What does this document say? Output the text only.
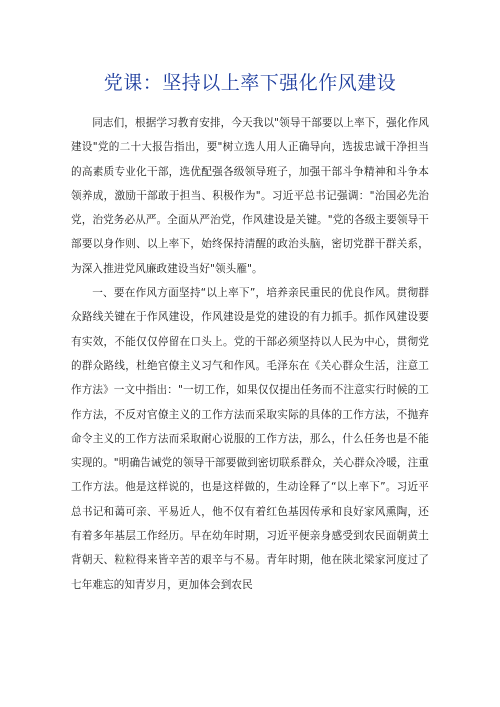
党课：坚持以上率下强化作风建设

同志们，根据学习教育安排，今天我以"领导干部要以上率下，强化作风建设"党的二十大报告指出，要"树立选人用人正确导向，选拔忠诚干净担当的高素质专业化干部，选优配强各级领导班子，加强干部斗争精神和斗争本领养成，激励干部敢于担当、积极作为"。习近平总书记强调："治国必先治党，治党务必从严。全面从严治党，作风建设是关键。"党的各级主要领导干部要以身作则、以上率下，始终保持清醒的政治头脑，密切党群干群关系，为深入推进党风廉政建设当好"领头雁"。

一、要在作风方面坚持“以上率下”，培养亲民重民的优良作风。贯彻群众路线关键在于作风建设，作风建设是党的建设的有力抓手。抓作风建设要有实效，不能仅仅停留在口头上。党的干部必须坚持以人民为中心，贯彻党的群众路线，杜绝官僚主义习气和作风。毛泽东在《关心群众生活，注意工作方法》一文中指出："一切工作，如果仅仅提出任务而不注意实行时候的工作方法，不反对官僚主义的工作方法而采取实际的具体的工作方法，不抛弃命令主义的工作方法而采取耐心说服的工作方法，那么，什么任务也是不能实现的。"明确告诫党的领导干部要做到密切联系群众，关心群众冷暖，注重工作方法。他是这样说的，也是这样做的，生动诠释了“以上率下”。习近平总书记和蔼可亲、平易近人，他不仅有着红色基因传承和良好家风熏陶，还有着多年基层工作经历。早在幼年时期，习近平便亲身感受到农民面朝黄土背朝天、粒粒得来皆辛苦的艰辛与不易。青年时期，他在陕北梁家河度过了七年难忘的知青岁月，更加体会到农民
